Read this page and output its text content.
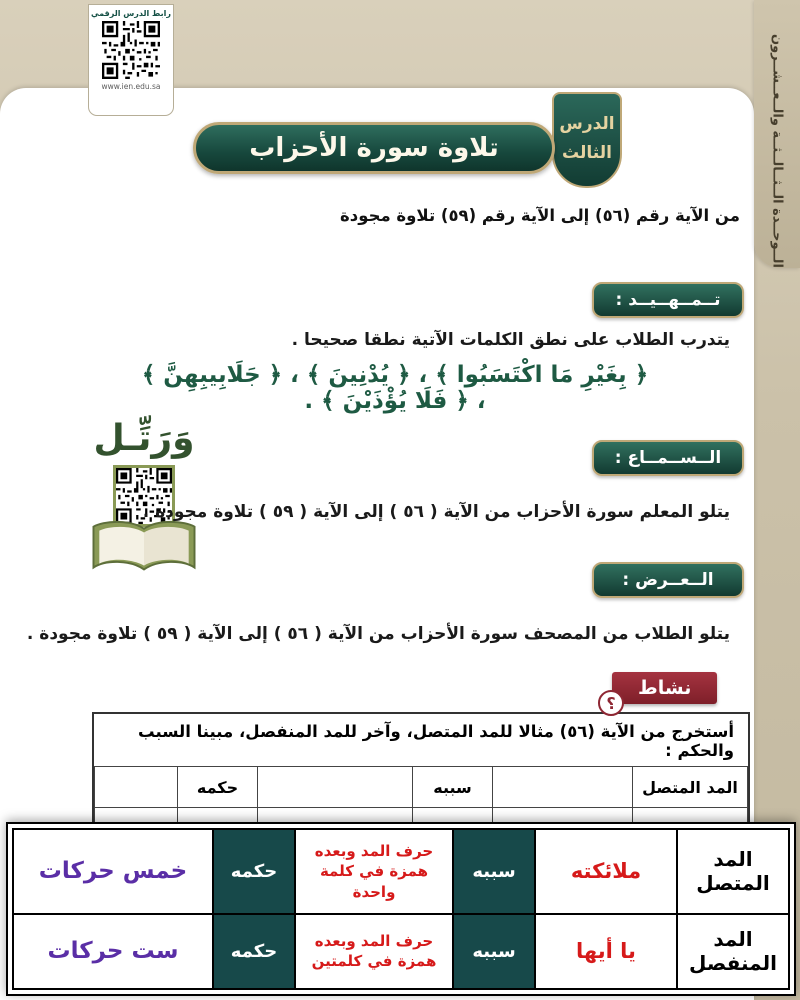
الــوحــدة الــثــالــثــة والــعــشــرون
رابط الدرس الرقمي
www.ien.edu.sa
الدرس
الثالث
تلاوة سورة الأحزاب
من الآية رقم (٥٦) إلى الآية رقم (٥٩) تلاوة مجودة
تــمــهــيــد :
يتدرب الطلاب على نطق الكلمات الآتية نطقا صحيحا .
﴿ بِغَيْرِ مَا اكْتَسَبُوا ﴾ ، ﴿ يُدْنِينَ ﴾ ، ﴿ جَلَابِيبِهِنَّ ﴾ ، ﴿ فَلَا يُؤْذَيْنَ ﴾ .
وَرَتِّـل	الــســمــاع :
يتلو المعلم سورة الأحزاب من الآية ( ٥٦ ) إلى الآية ( ٥٩ ) تلاوة مجودة .
الــعــرض :
يتلو الطلاب من المصحف سورة الأحزاب من الآية ( ٥٦ ) إلى الآية ( ٥٩ ) تلاوة مجودة .
نشاط
؟
أستخرج من الآية (٥٦) مثالا للمد المتصل، وآخر للمد المنفصل، مبينا السبب والحكم :
المد المتصل		سببه		حكمه	

المد المتصل	ملائكته	سببه	حرف المد وبعده همزة في كلمة واحدة	حكمه	خمس حركات
المد المنفصل	يا أيها	سببه	حرف المد وبعده همزة في كلمتين	حكمه	ست حركات
